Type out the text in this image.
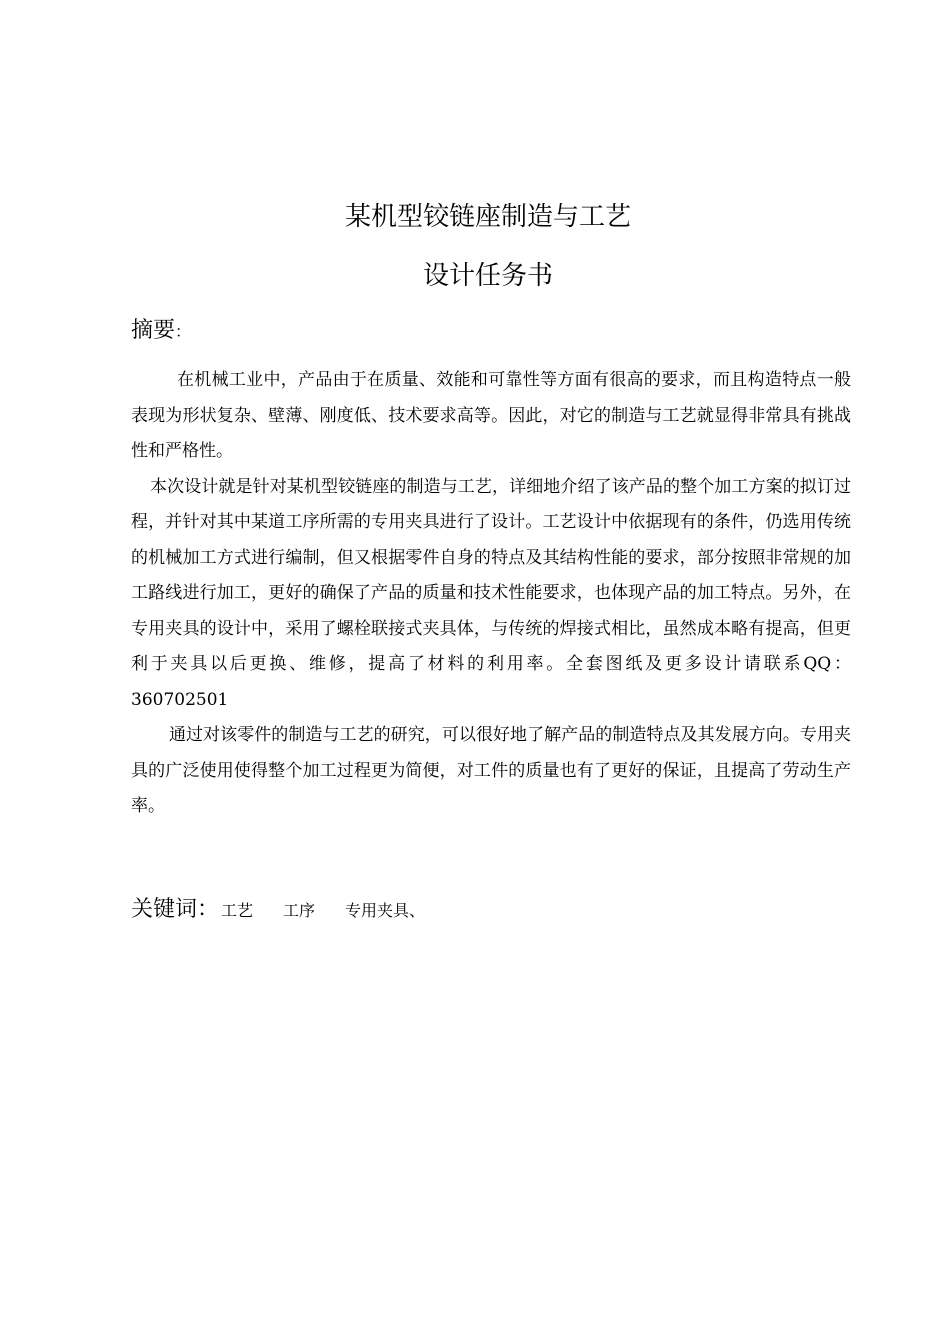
某机型铰链座制造与工艺
设计任务书
摘要：

在机械工业中，产品由于在质量、效能和可靠性等方面有很高的要求，而且构造特点一般表现为形状复杂、壁薄、刚度低、技术要求高等。因此，对它的制造与工艺就显得非常具有挑战性和严格性。

本次设计就是针对某机型铰链座的制造与工艺，详细地介绍了该产品的整个加工方案的拟订过程，并针对其中某道工序所需的专用夹具进行了设计。工艺设计中依据现有的条件，仍选用传统的机械加工方式进行编制，但又根据零件自身的特点及其结构性能的要求，部分按照非常规的加工路线进行加工，更好的确保了产品的质量和技术性能要求，也体现产品的加工特点。另外，在专用夹具的设计中，采用了螺栓联接式夹具体，与传统的焊接式相比，虽然成本略有提高，但更利于夹具以后更换、维修，提高了材料的利用率。全套图纸及更多设计请联系QQ：360702501

通过对该零件的制造与工艺的研究，可以很好地了解产品的制造特点及其发展方向。专用夹具的广泛使用使得整个加工过程更为简便，对工件的质量也有了更好的保证，且提高了劳动生产率。

关键词： 工艺 工序 专用夹具、
